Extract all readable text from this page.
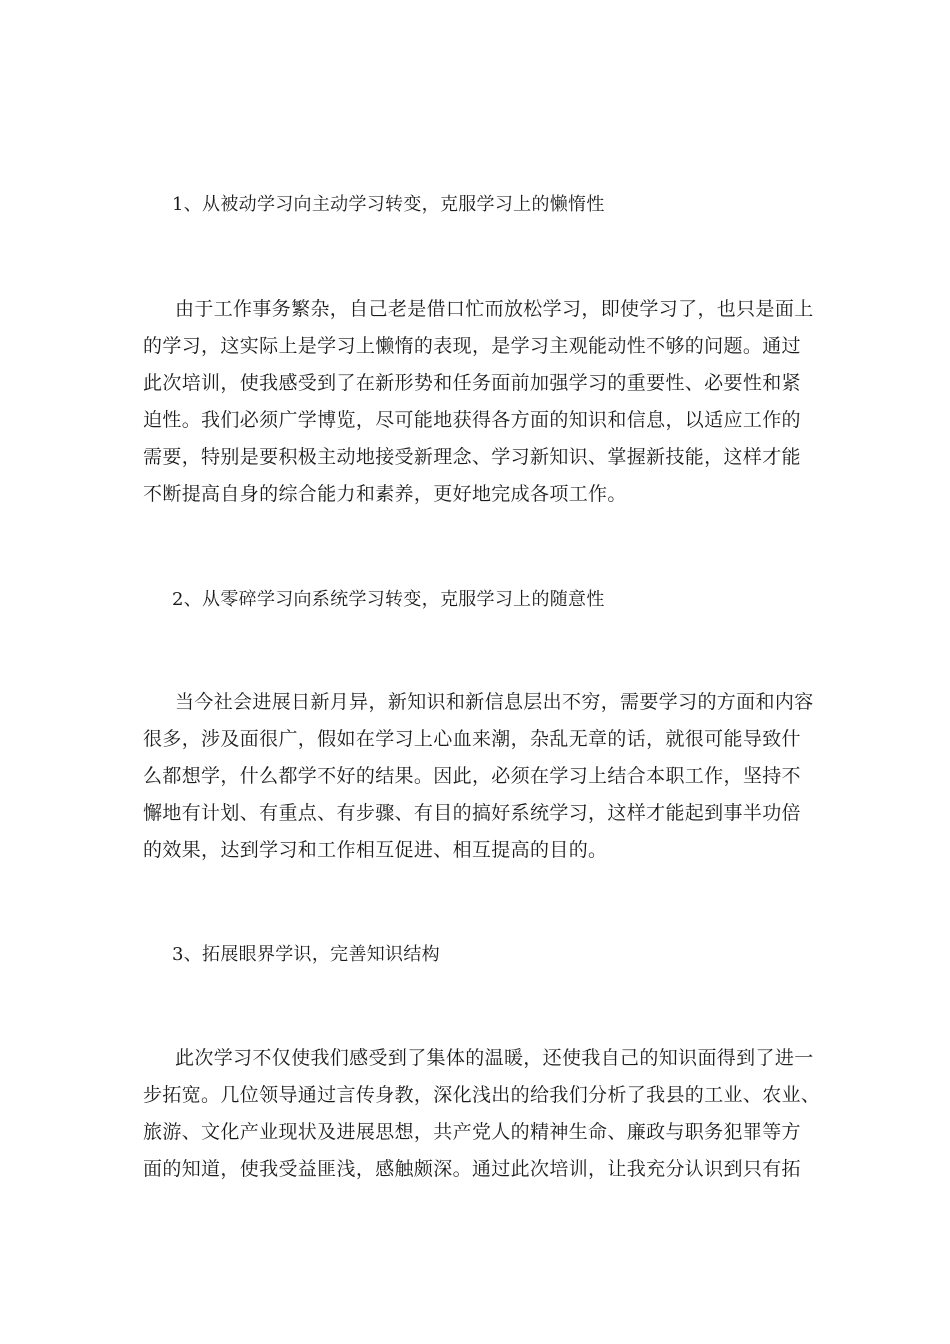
1、从被动学习向主动学习转变，克服学习上的懒惰性
由于工作事务繁杂，自己老是借口忙而放松学习，即使学习了，也只是面上
的学习，这实际上是学习上懒惰的表现，是学习主观能动性不够的问题。通过
此次培训，使我感受到了在新形势和任务面前加强学习的重要性、必要性和紧
迫性。我们必须广学博览，尽可能地获得各方面的知识和信息，以适应工作的
需要，特别是要积极主动地接受新理念、学习新知识、掌握新技能，这样才能
不断提高自身的综合能力和素养，更好地完成各项工作。
2、从零碎学习向系统学习转变，克服学习上的随意性
当今社会进展日新月异，新知识和新信息层出不穷，需要学习的方面和内容
很多，涉及面很广，假如在学习上心血来潮，杂乱无章的话，就很可能导致什
么都想学，什么都学不好的结果。因此，必须在学习上结合本职工作，坚持不
懈地有计划、有重点、有步骤、有目的搞好系统学习，这样才能起到事半功倍
的效果，达到学习和工作相互促进、相互提高的目的。
3、拓展眼界学识，完善知识结构
此次学习不仅使我们感受到了集体的温暖，还使我自己的知识面得到了进一
步拓宽。几位领导通过言传身教，深化浅出的给我们分析了我县的工业、农业、
旅游、文化产业现状及进展思想，共产党人的精神生命、廉政与职务犯罪等方
面的知道，使我受益匪浅，感触颇深。通过此次培训，让我充分认识到只有拓
